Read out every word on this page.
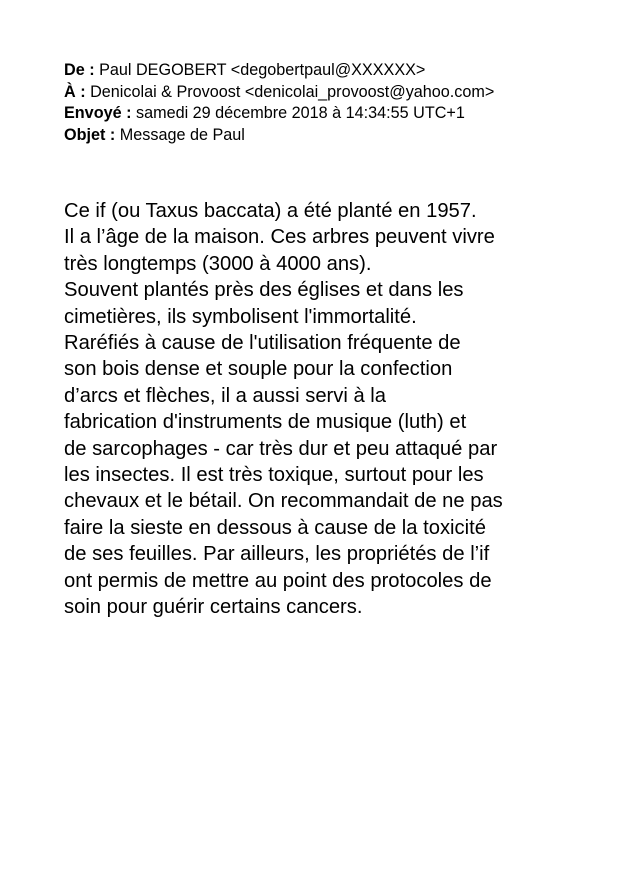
De : Paul DEGOBERT <degobertpaul@XXXXXX>
À : Denicolai & Provoost <denicolai_provoost@yahoo.com>
Envoyé : samedi 29 décembre 2018 à 14:34:55 UTC+1
Objet : Message de Paul
Ce if (ou Taxus baccata) a été planté en 1957.
Il a l’âge de la maison. Ces arbres peuvent vivre
très longtemps (3000 à 4000 ans).
Souvent plantés près des églises et dans les
cimetières, ils symbolisent l'immortalité.
Raréfiés à cause de l'utilisation fréquente de
son bois dense et souple pour la confection
d’arcs et flèches, il a aussi servi à la
fabrication d'instruments de musique (luth) et
de sarcophages - car très dur et peu attaqué par
les insectes. Il est très toxique, surtout pour les
chevaux et le bétail. On recommandait de ne pas
faire la sieste en dessous à cause de la toxicité
de ses feuilles. Par ailleurs, les propriétés de l’if
ont permis de mettre au point des protocoles de
soin pour guérir certains cancers.
